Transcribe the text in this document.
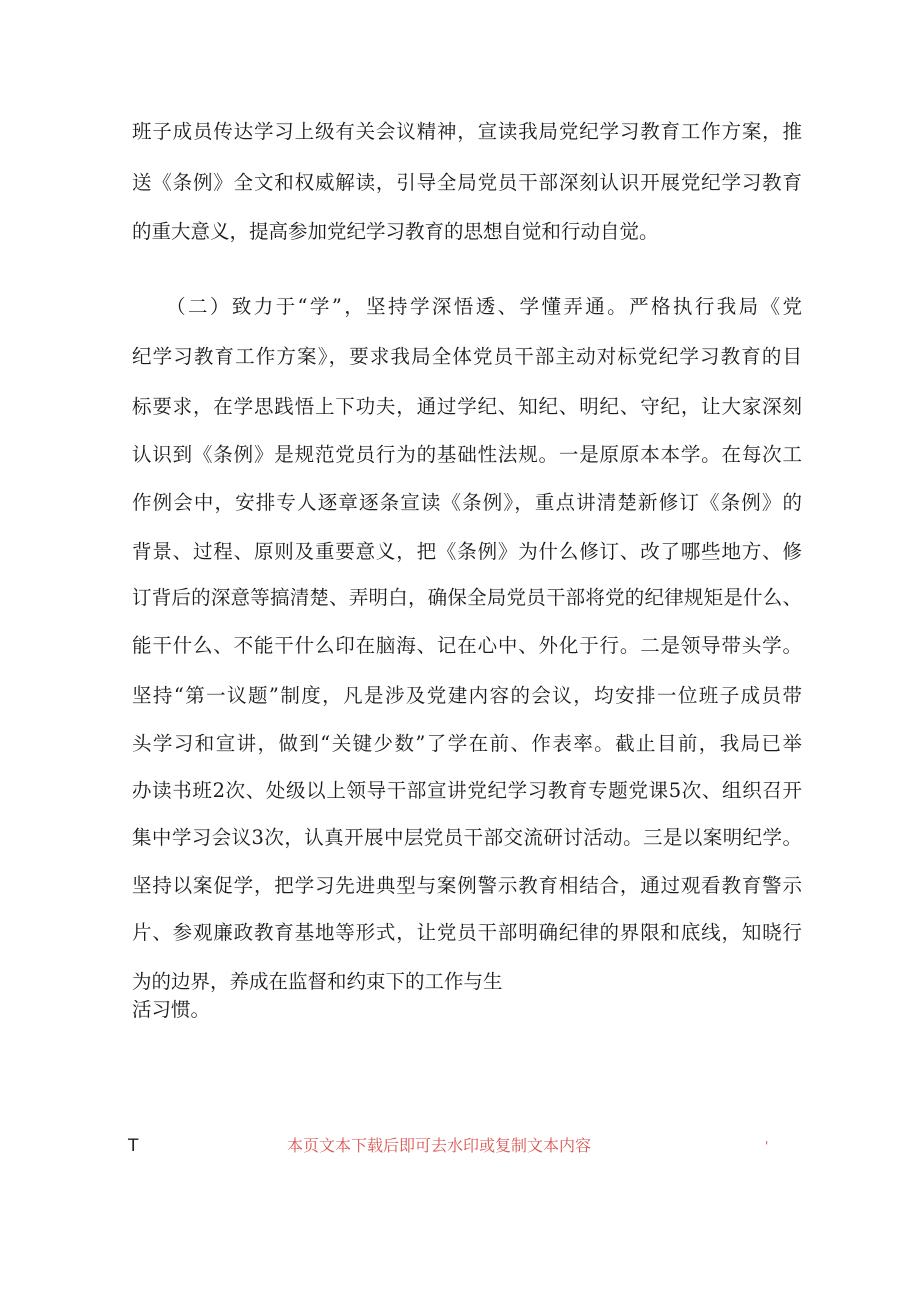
班子成员传达学习上级有关会议精神，宣读我局党纪学习教育工作方案，推
送《条例》全文和权威解读，引导全局党员干部深刻认识开展党纪学习教育
的重大意义，提高参加党纪学习教育的思想自觉和行动自觉。
　　（二）致力于“学”，坚持学深悟透、学懂弄通。严格执行我局《党
纪学习教育工作方案》，要求我局全体党员干部主动对标党纪学习教育的目
标要求，在学思践悟上下功夫，通过学纪、知纪、明纪、守纪，让大家深刻
认识到《条例》是规范党员行为的基础性法规。一是原原本本学。在每次工
作例会中，安排专人逐章逐条宣读《条例》，重点讲清楚新修订《条例》的
背景、过程、原则及重要意义，把《条例》为什么修订、改了哪些地方、修
订背后的深意等搞清楚、弄明白，确保全局党员干部将党的纪律规矩是什么、
能干什么、不能干什么印在脑海、记在心中、外化于行。二是领导带头学。
坚持“第一议题”制度，凡是涉及党建内容的会议，均安排一位班子成员带
头学习和宣讲，做到“关键少数”了学在前、作表率。截止目前，我局已举
办读书班2次、处级以上领导干部宣讲党纪学习教育专题党课5次、组织召开
集中学习会议3次，认真开展中层党员干部交流研讨活动。三是以案明纪学。
坚持以案促学，把学习先进典型与案例警示教育相结合，通过观看教育警示
片、参观廉政教育基地等形式，让党员干部明确纪律的界限和底线，知晓行
为的边界，养成在监督和约束下的工作与生
活习惯。
T	本页文本下载后即可去水印或复制文本内容	'
